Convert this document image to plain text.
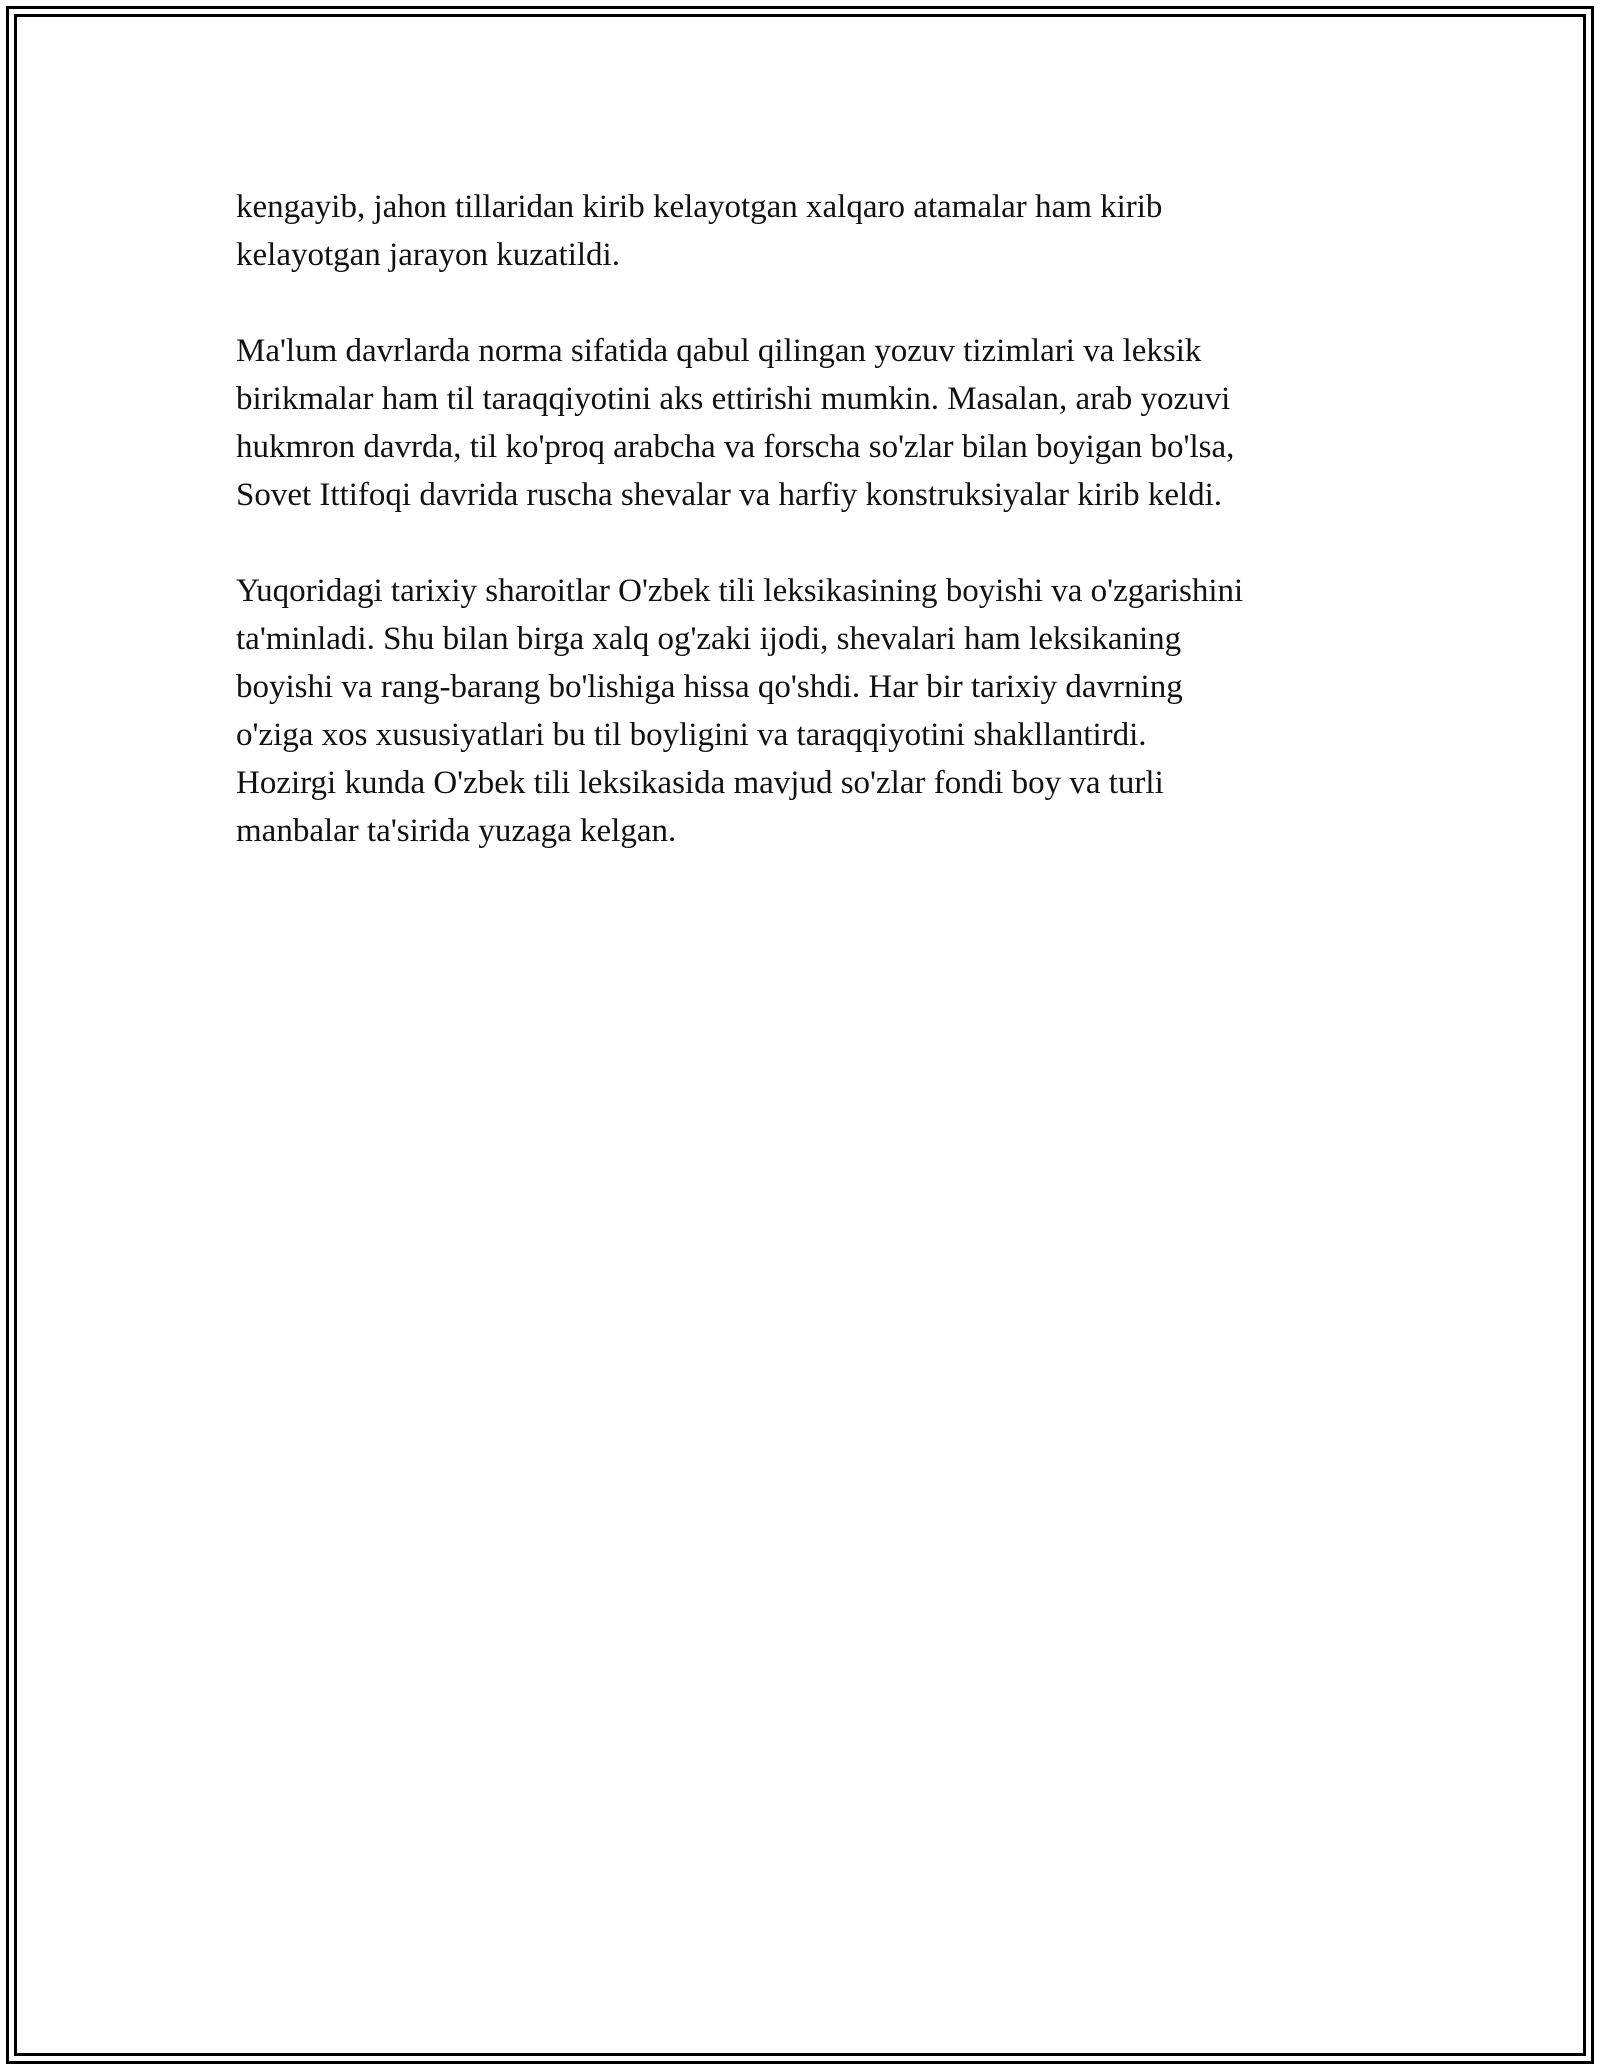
kengayib, jahon tillaridan kirib kelayotgan xalqaro atamalar ham kirib
kelayotgan jarayon kuzatildi.

Ma'lum davrlarda norma sifatida qabul qilingan yozuv tizimlari va leksik
birikmalar ham til taraqqiyotini aks ettirishi mumkin. Masalan, arab yozuvi
hukmron davrda, til ko'proq arabcha va forscha so'zlar bilan boyigan bo'lsa,
Sovet Ittifoqi davrida ruscha shevalar va harfiy konstruksiyalar kirib keldi.

Yuqoridagi tarixiy sharoitlar O'zbek tili leksikasining boyishi va o'zgarishini
ta'minladi. Shu bilan birga xalq og'zaki ijodi, shevalari ham leksikaning
boyishi va rang-barang bo'lishiga hissa qo'shdi. Har bir tarixiy davrning
o'ziga xos xususiyatlari bu til boyligini va taraqqiyotini shakllantirdi.
Hozirgi kunda O'zbek tili leksikasida mavjud so'zlar fondi boy va turli
manbalar ta'sirida yuzaga kelgan.
